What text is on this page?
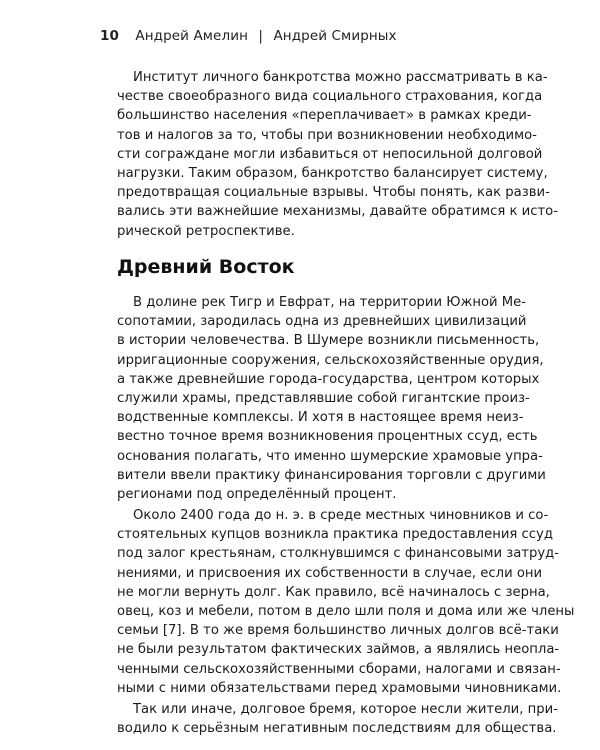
10 Андрей Амелин | Андрей Смирных
Институт личного банкротства можно рассматривать в ка-
честве своеобразного вида социального страхования, когда
большинство населения «переплачивает» в рамках креди-
тов и налогов за то, чтобы при возникновении необходимо-
сти сограждане могли избавиться от непосильной долговой
нагрузки. Таким образом, банкротство балансирует систему,
предотвращая социальные взрывы. Чтобы понять, как разви-
вались эти важнейшие механизмы, давайте обратимся к исто-
рической ретроспективе.
Древний Восток
В долине рек Тигр и Евфрат, на территории Южной Ме-
сопотамии, зародилась одна из древнейших цивилизаций
в истории человечества. В Шумере возникли письменность,
ирригационные сооружения, сельскохозяйственные орудия,
а также древнейшие города-государства, центром которых
служили храмы, представлявшие собой гигантские произ-
водственные комплексы. И хотя в настоящее время неиз-
вестно точное время возникновения процентных ссуд, есть
основания полагать, что именно шумерские храмовые упра-
вители ввели практику финансирования торговли с другими
регионами под определённый процент.
Около 2400 года до н. э. в среде местных чиновников и со-
стоятельных купцов возникла практика предоставления ссуд
под залог крестьянам, столкнувшимся с финансовыми затруд-
нениями, и присвоения их собственности в случае, если они
не могли вернуть долг. Как правило, всё начиналось с зерна,
овец, коз и мебели, потом в дело шли поля и дома или же члены
семьи [7]. В то же время большинство личных долгов всё-таки
не были результатом фактических займов, а являлись неопла-
ченными сельскохозяйственными сборами, налогами и связан-
ными с ними обязательствами перед храмовыми чиновниками.
Так или иначе, долговое бремя, которое несли жители, при-
водило к серьёзным негативным последствиям для общества.
